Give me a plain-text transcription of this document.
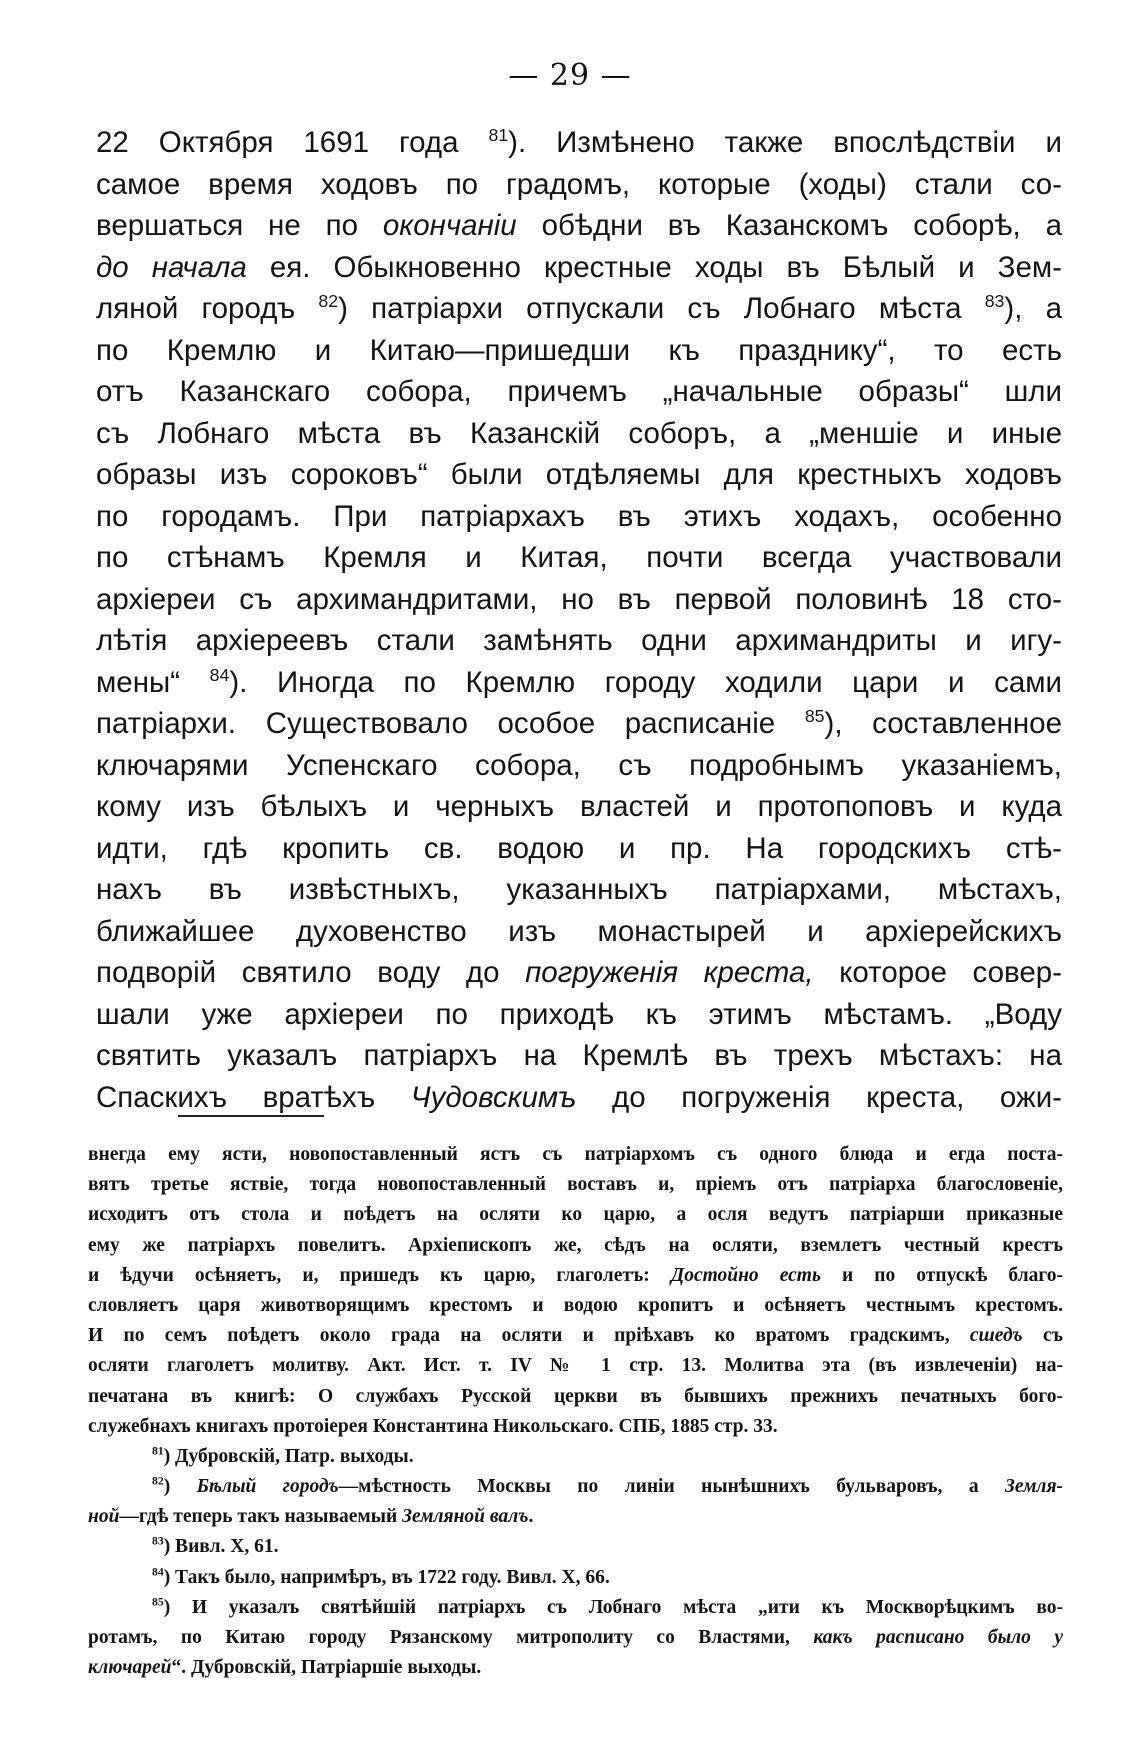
— 29 —
22 Октября 1691 года $^{81}$). Измѣнено также впослѣдствіи и
самое время ходовъ по градомъ, которые (ходы) стали со-
вершаться не по окончаніи обѣдни въ Казанскомъ соборѣ, а
до начала ея. Обыкновенно крестные ходы въ Бѣлый и Зем-
ляной городъ $^{82}$) патріархи отпускали съ Лобнаго мѣста $^{83}$), а
по Кремлю и Китаю—пришедши къ празднику“, то есть
отъ Казанскаго собора, причемъ „начальные образы“ шли
съ Лобнаго мѣста въ Казанскій соборъ, а „меншіе и иные
образы изъ сороковъ“ были отдѣляемы для крестныхъ ходовъ
по городамъ. При патріархахъ въ этихъ ходахъ, особенно
по стѣнамъ Кремля и Китая, почти всегда участвовали
архіереи съ архимандритами, но въ первой половинѣ 18 сто-
лѣтія архіереевъ стали замѣнять одни архимандриты и игу-
мены“ $^{84}$). Иногда по Кремлю городу ходили цари и сами
патріархи. Существовало особое расписаніе $^{85}$), составленное
ключарями Успенскаго собора, съ подробнымъ указаніемъ,
кому изъ бѣлыхъ и черныхъ властей и протопоповъ и куда
идти, гдѣ кропить св. водою и пр. На городскихъ стѣ-
нахъ въ извѣстныхъ, указанныхъ патріархами, мѣстахъ,
ближайшее духовенство изъ монастырей и архіерейскихъ
подворій святило воду до погруженія креста, которое совер-
шали уже архіереи по приходѣ къ этимъ мѣстамъ. „Воду
святить указалъ патріархъ на Кремлѣ въ трехъ мѣстахъ: на
Спаскихъ вратѣхъ Чудовскимъ до погруженія креста, ожи-
внегда ему ясти, новопоставленный ястъ съ патріархомъ съ одного блюда и егда поста-
вятъ третье яствіе, тогда новопоставленный воставъ и, пріемъ отъ патріарха благословеніе,
исходитъ отъ стола и поѣдетъ на осляти ко царю, а осля ведутъ патріарши приказные
ему же патріархъ повелитъ. Архіепископъ же, сѣдъ на осляти, вземлетъ честный крестъ
и ѣдучи осѣняетъ, и, пришедъ къ царю, глаголетъ: Достойно есть и по отпускѣ благо-
словляетъ царя животворящимъ крестомъ и водою кропитъ и осѣняетъ честнымъ крестомъ.
И по семъ поѣдетъ около града на осляти и пріѣхавъ ко вратомъ градскимъ, сшедъ съ
осляти глаголетъ молитву. Акт. Ист. т. IV № 1 стр. 13. Молитва эта (въ извлеченіи) на-
печатана въ книгѣ: О службахъ Русской церкви въ бывшихъ прежнихъ печатныхъ бого-
служебнахъ книгахъ протоіерея Константина Никольскаго. СПБ, 1885 стр. 33.
$^{81}$) Дубровскій, Патр. выходы.
$^{82}$) Бѣлый городъ—мѣстность Москвы по линіи нынѣшнихъ бульваровъ, а Земля-
ной—гдѣ теперь такъ называемый Земляной валъ.
$^{83}$) Вивл. X, 61.
$^{84}$) Такъ было, напримѣръ, въ 1722 году. Вивл. X, 66.
$^{85}$) И указалъ святѣйшій патріархъ съ Лобнаго мѣста „ити къ Москворѣцкимъ во-
ротамъ, по Китаю городу Рязанскому митрополиту со Властями, какъ расписано было у
ключарей“. Дубровскій, Патріаршіе выходы.
